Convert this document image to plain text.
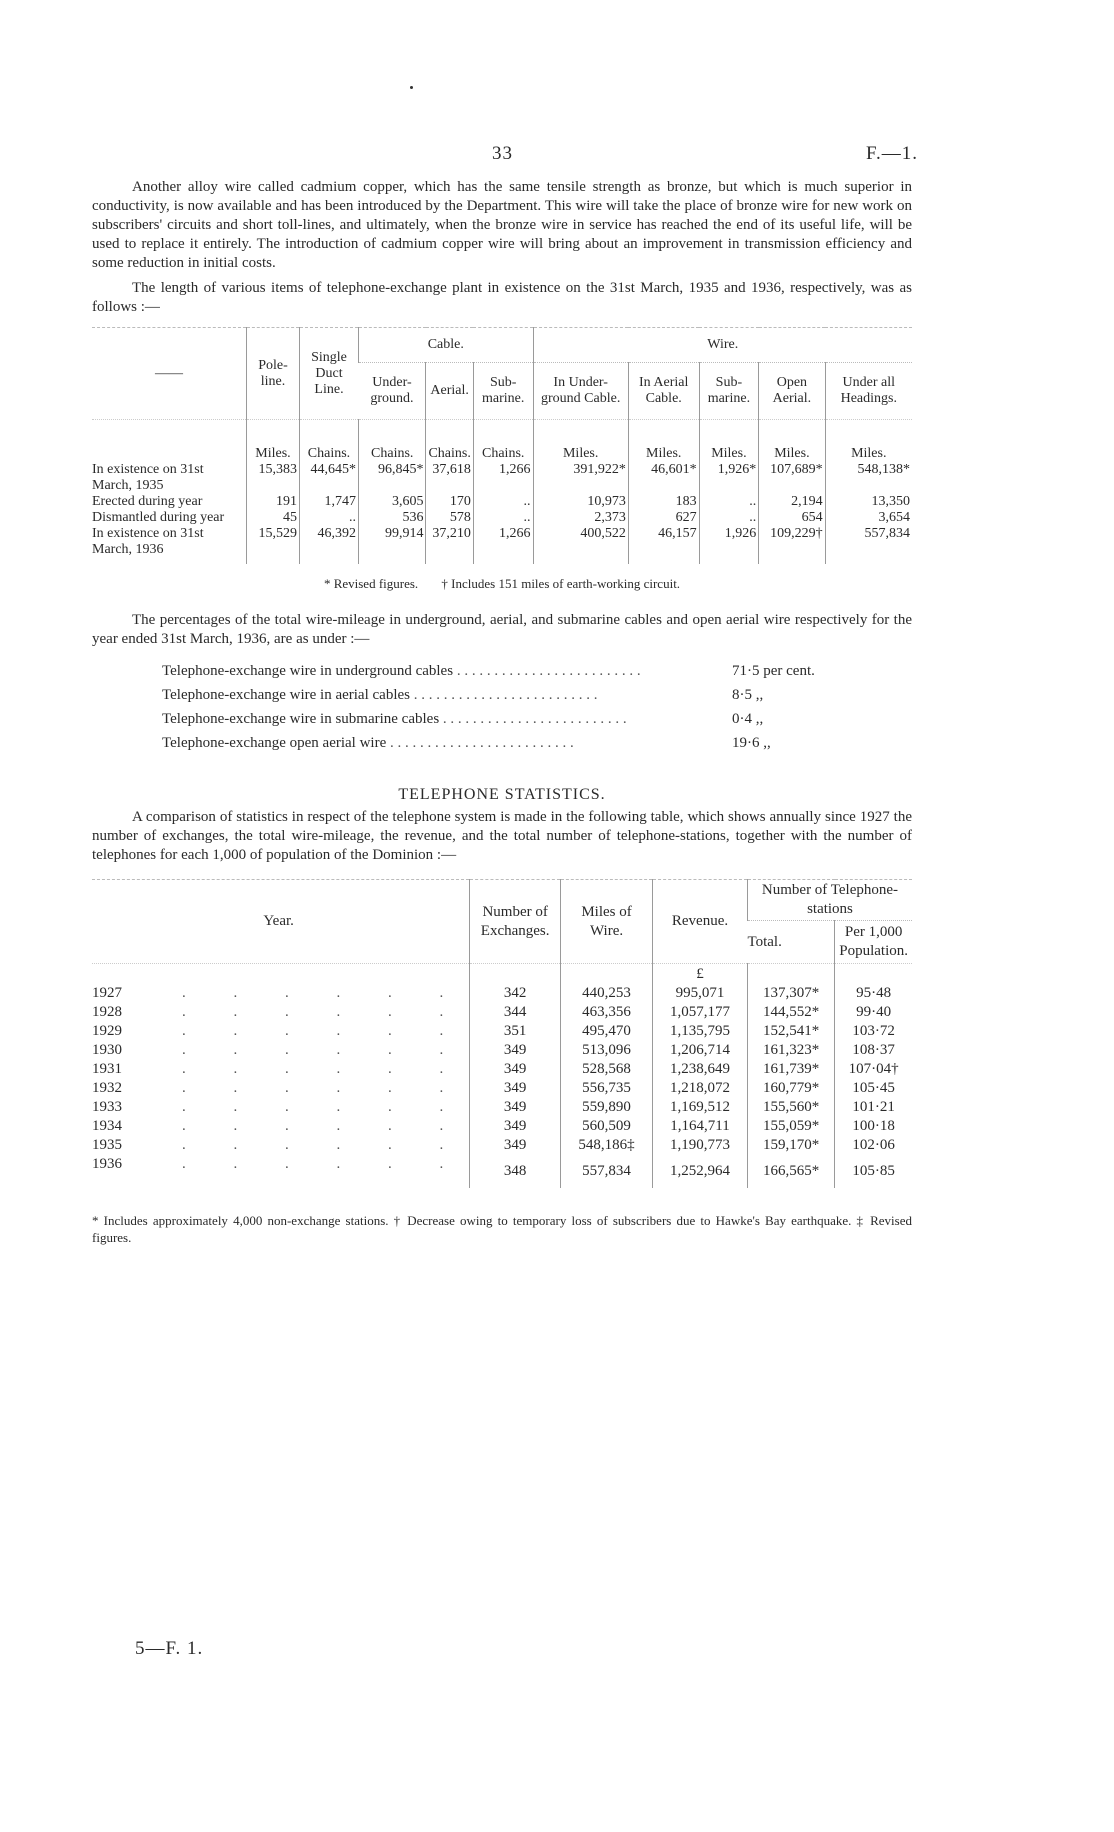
33	F.—1.

Another alloy wire called cadmium copper, which has the same tensile strength as bronze, but which is much superior in conductivity, is now available and has been introduced by the Department. This wire will take the place of bronze wire for new work on subscribers' circuits and short toll-lines, and ultimately, when the bronze wire in service has reached the end of its useful life, will be used to replace it entirely. The introduction of cadmium copper wire will bring about an improvement in transmission efficiency and some reduction in initial costs.

The length of various items of telephone-exchange plant in existence on the 31st March, 1935 and 1936, respectively, was as follows :—

——	Pole-line.	Single Duct Line.	Cable.			Wire.				
			Under-ground.	Aerial.	Sub-marine.	In Under-ground Cable.	In Aerial Cable.	Sub-marine.	Open Aerial.	Under all Headings.
	Miles.	Chains.	Chains.	Chains.	Chains.	Miles.	Miles.	Miles.	Miles.	Miles.
In existence on 31st March, 1935	15,383	44,645*	96,845*	37,618	1,266	391,922*	46,601*	1,926*	107,689*	548,138*
Erected during year	191	1,747	3,605	170	..	10,973	183	..	2,194	13,350
Dismantled during year	45	..	536	578	..	2,373	627	..	654	3,654
In existence on 31st March, 1936	15,529	46,392	99,914	37,210	1,266	400,522	46,157	1,926	109,229†	557,834
* Revised figures. † Includes 151 miles of earth-working circuit.

The percentages of the total wire-mileage in underground, aerial, and submarine cables and open aerial wire respectively for the year ended 31st March, 1936, are as under :—

Telephone-exchange wire in underground cables . . .	71·5 per cent.
Telephone-exchange wire in aerial cables . . .	8·5 ,,
Telephone-exchange wire in submarine cables . . .	0·4 ,,
Telephone-exchange open aerial wire . . .	19·6 ,,
TELEPHONE STATISTICS.

A comparison of statistics in respect of the telephone system is made in the following table, which shows annually since 1927 the number of exchanges, the total wire-mileage, the revenue, and the total number of telephone-stations, together with the number of telephones for each 1,000 of population of the Dominion :—

Year.	Number of Exchanges.	Miles of Wire.	Revenue.	Number of Telephone-stations	
				Total.	Per 1,000 Population.
			£		
1927 . . . . . .	342	440,253	995,071	137,307*	95·48
1928 . . . . . .	344	463,356	1,057,177	144,552*	99·40
1929 . . . . . .	351	495,470	1,135,795	152,541*	103·72
1930 . . . . . .	349	513,096	1,206,714	161,323*	108·37
1931 . . . . . .	349	528,568	1,238,649	161,739*	107·04†
1932 . . . . . .	349	556,735	1,218,072	160,779*	105·45
1933 . . . . . .	349	559,890	1,169,512	155,560*	101·21
1934 . . . . . .	349	560,509	1,164,711	155,059*	100·18
1935 . . . . . .	349	548,186‡	1,190,773	159,170*	102·06
1936 . . . . . .	348	557,834	1,252,964	166,565*	105·85
* Includes approximately 4,000 non-exchange stations. † Decrease owing to temporary loss of subscribers due to Hawke's Bay earthquake. ‡ Revised figures.
5—F. 1.
